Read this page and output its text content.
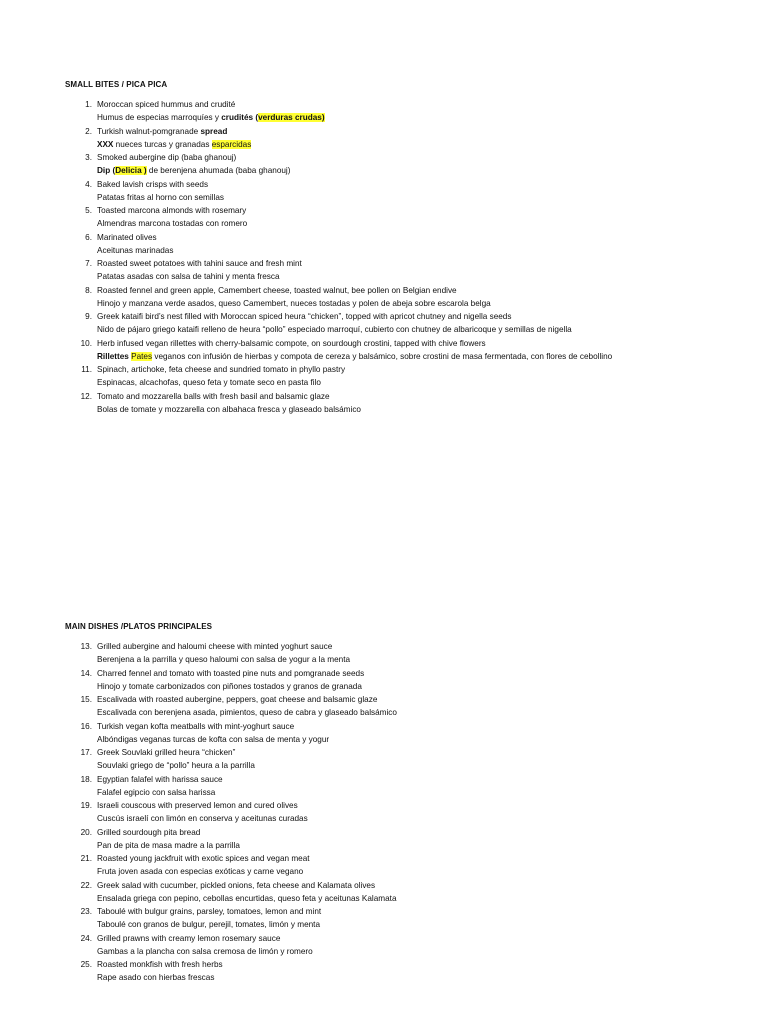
SMALL BITES / PICA PICA
1. Moroccan spiced hummus and crudité
Humus de especias marroquíes y crudités (verduras crudas)
2. Turkish walnut-pomgranade spread
XXX nueces turcas y granadas esparcidas
3. Smoked aubergine dip (baba ghanouj)
Dip (Delicia ) de berenjena ahumada (baba ghanouj)
4. Baked lavish crisps with seeds
Patatas fritas al horno con semillas
5. Toasted marcona almonds with rosemary
Almendras marcona tostadas con romero
6. Marinated olives
Aceitunas marinadas
7. Roasted sweet potatoes with tahini sauce and fresh mint
Patatas asadas con salsa de tahini y menta fresca
8. Roasted fennel and green apple, Camembert cheese, toasted walnut, bee pollen on Belgian endive
Hinojo y manzana verde asados, queso Camembert, nueces tostadas y polen de abeja sobre escarola belga
9. Greek kataifi bird’s nest filled with Moroccan spiced heura “chicken”, topped with apricot chutney and nigella seeds
Nido de pájaro griego kataifi relleno de heura “pollo” especiado marroquí, cubierto con chutney de albaricoque y semillas de nigella
10. Herb infused vegan rillettes with cherry-balsamic compote, on sourdough crostini, tapped with chive flowers
Rillettes Pates veganos con infusión de hierbas y compota de cereza y balsámico, sobre crostini de masa fermentada, con flores de cebollino
11. Spinach, artichoke, feta cheese and sundried tomato in phyllo pastry
Espinacas, alcachofas, queso feta y tomate seco en pasta filo
12. Tomato and mozzarella balls with fresh basil and balsamic glaze
Bolas de tomate y mozzarella con albahaca fresca y glaseado balsámico
MAIN DISHES /PLATOS PRINCIPALES
13. Grilled aubergine and haloumi cheese with minted yoghurt sauce
Berenjena a la parrilla y queso haloumi con salsa de yogur a la menta
14. Charred fennel and tomato with toasted pine nuts and pomgranade seeds
Hinojo y tomate carbonizados con piñones tostados y granos de granada
15. Escalivada with roasted aubergine, peppers, goat cheese and balsamic glaze
Escalivada con berenjena asada, pimientos, queso de cabra y glaseado balsámico
16. Turkish vegan kofta meatballs with mint-yoghurt sauce
Albóndigas veganas turcas de kofta con salsa de menta y yogur
17. Greek Souvlaki grilled heura “chicken”
Souvlaki griego de “pollo” heura a la parrilla
18. Egyptian falafel with harissa sauce
Falafel egipcio con salsa harissa
19. Israeli couscous with preserved lemon and cured olives
Cuscús israelí con limón en conserva y aceitunas curadas
20. Grilled sourdough pita bread
Pan de pita de masa madre a la parrilla
21. Roasted young jackfruit with exotic spices and vegan meat
Fruta joven asada con especias exóticas y carne vegano
22. Greek salad with cucumber, pickled onions, feta cheese and Kalamata olives
Ensalada griega con pepino, cebollas encurtidas, queso feta y aceitunas Kalamata
23. Taboulé with bulgur grains, parsley, tomatoes, lemon and mint
Taboulé con granos de bulgur, perejil, tomates, limón y menta
24. Grilled prawns with creamy lemon rosemary sauce
Gambas a la plancha con salsa cremosa de limón y romero
25. Roasted monkfish with fresh herbs
Rape asado con hierbas frescas
